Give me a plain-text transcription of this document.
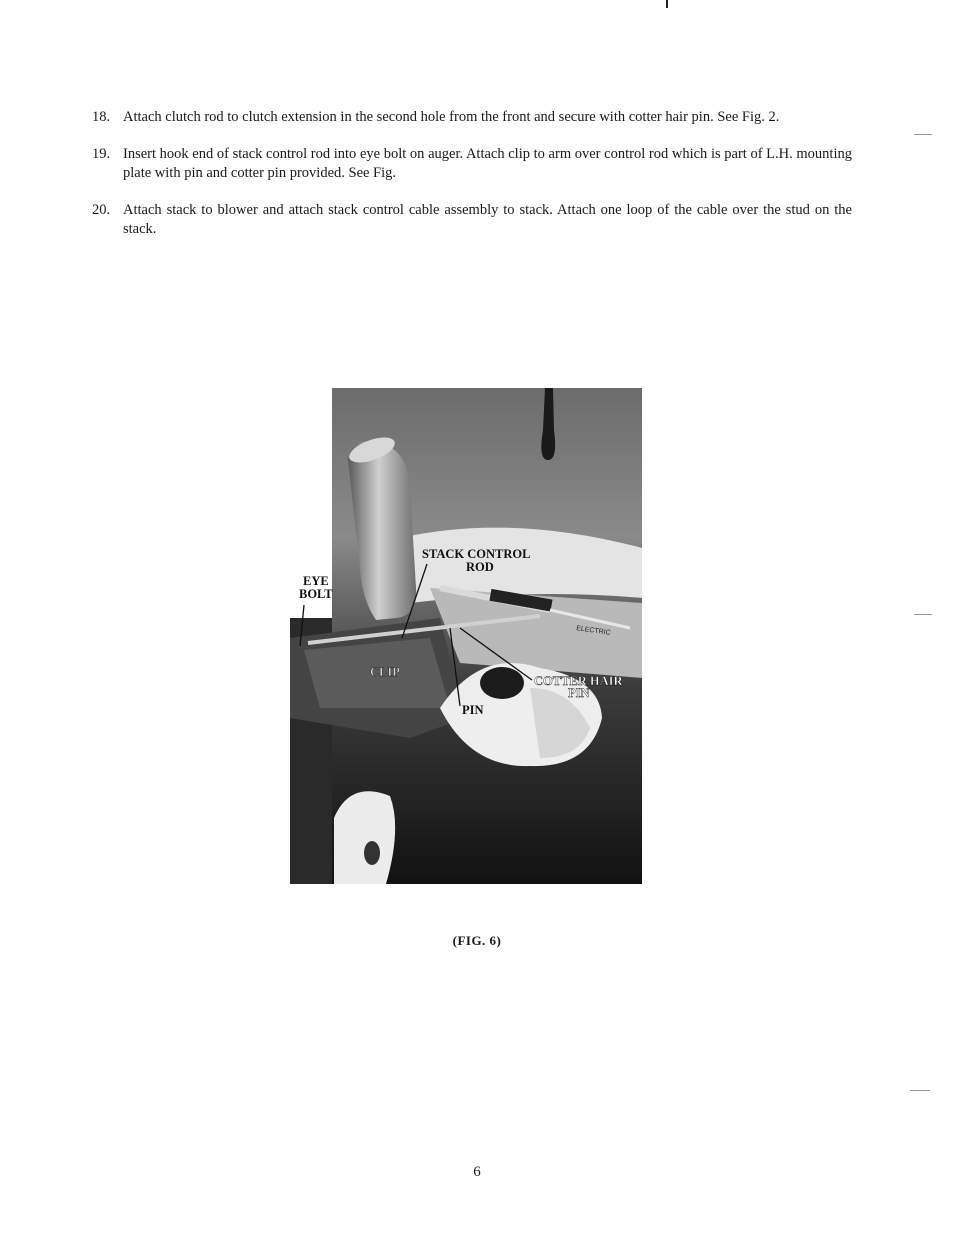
18. Attach clutch rod to clutch extension in the second hole from the front and secure with cotter hair pin. See Fig. 2.
19. Insert hook end of stack control rod into eye bolt on auger. Attach clip to arm over control rod which is part of L.H. mounting plate with pin and cotter pin provided. See Fig.
20. Attach stack to blower and attach stack control cable assembly to stack. Attach one loop of the cable over the stud on the stack.
STACK CONTROL
ROD
EYE
BOLT
CLIP
COTTER HAIR
PIN
PIN
ELECTRIC
(FIG. 6)
6
